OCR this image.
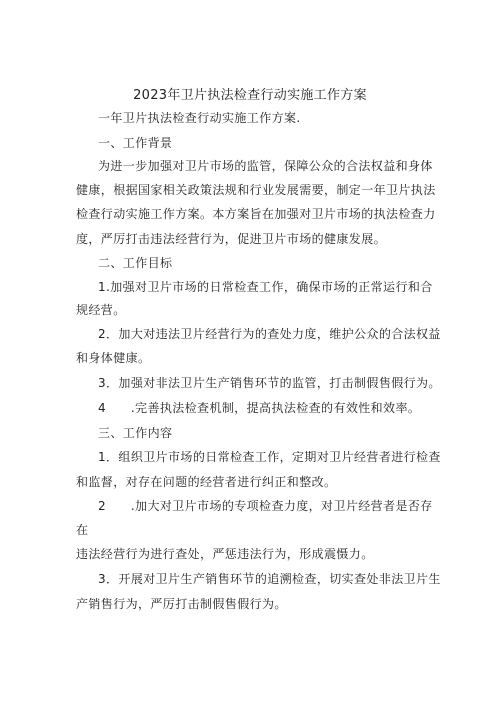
2023年卫片执法检查行动实施工作方案
一年卫片执法检查行动实施工作方案.
一、工作背景
为进一步加强对卫片市场的监管，保障公众的合法权益和身体
健康，根据国家相关政策法规和行业发展需要，制定一年卫片执法
检查行动实施工作方案。本方案旨在加强对卫片市场的执法检查力
度，严厉打击违法经营行为，促进卫片市场的健康发展。
二、工作目标
1.加强对卫片市场的日常检查工作，确保市场的正常运行和合
规经营。
2．加大对违法卫片经营行为的查处力度，维护公众的合法权益
和身体健康。
3．加强对非法卫片生产销售环节的监管，打击制假售假行为。
4　　.完善执法检查机制，提高执法检查的有效性和效率。
三、工作内容
1．组织卫片市场的日常检查工作，定期对卫片经营者进行检查
和监督，对存在问题的经营者进行纠正和整改。
2　　.加大对卫片市场的专项检查力度，对卫片经营者是否存
在
违法经营行为进行查处，严惩违法行为，形成震慑力。
3．开展对卫片生产销售环节的追溯检查，切实查处非法卫片生
产销售行为，严厉打击制假售假行为。
